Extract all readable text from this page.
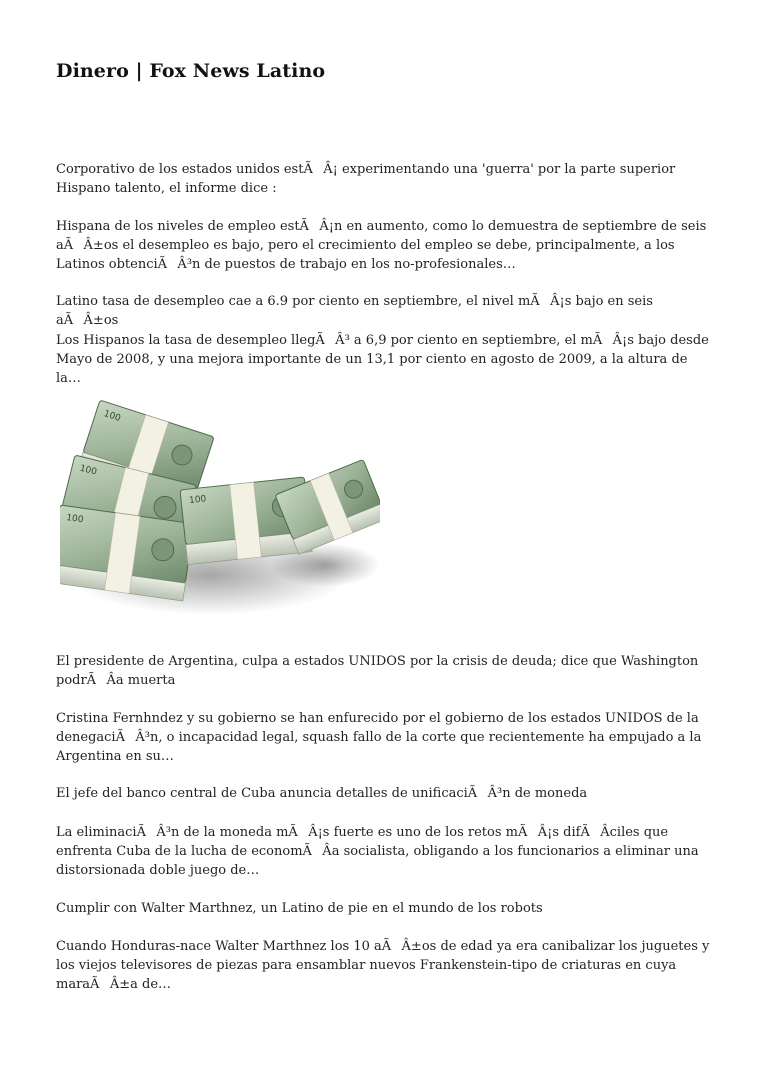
Dinero | Fox News Latino

Corporativo de los estados unidos estÃÂ¡ experimentando una 'guerra' por la parte superior Hispano talento, el informe dice :

Hispana de los niveles de empleo estÃÂ¡n en aumento, como lo demuestra de septiembre de seis aÃÂ±os el desempleo es bajo, pero el crecimiento del empleo se debe, principalmente, a los Latinos obtenciÃÂ³n de puestos de trabajo en los no-profesionales…

Latino tasa de desempleo cae a 6.9 por ciento en septiembre, el nivel mÃÂ¡s bajo en seis aÃÂ±os

Los Hispanos la tasa de desempleo llegÃÂ³ a 6,9 por ciento en septiembre, el mÃÂ¡s bajo desde Mayo de 2008, y una mejora importante de un 13,1 por ciento en agosto de 2009, a la altura de la…

100
100
100
100

El presidente de Argentina, culpa a estados UNIDOS por la crisis de deuda; dice que Washington podrÃÂa muerta

Cristina Fernhndez y su gobierno se han enfurecido por el gobierno de los estados UNIDOS de la denegaciÃÂ³n, o incapacidad legal, squash fallo de la corte que recientemente ha empujado a la Argentina en su…

El jefe del banco central de Cuba anuncia detalles de unificaciÃÂ³n de moneda

La eliminaciÃÂ³n de la moneda mÃÂ¡s fuerte es uno de los retos mÃÂ¡s difÃÂciles que enfrenta Cuba de la lucha de economÃÂa socialista, obligando a los funcionarios a eliminar una distorsionada doble juego de…

Cumplir con Walter Marthnez, un Latino de pie en el mundo de los robots

Cuando Honduras-nace Walter Marthnez los 10 aÃÂ±os de edad ya era canibalizar los juguetes y los viejos televisores de piezas para ensamblar nuevos Frankenstein-tipo de criaturas en cuya maraÃÂ±a de…
